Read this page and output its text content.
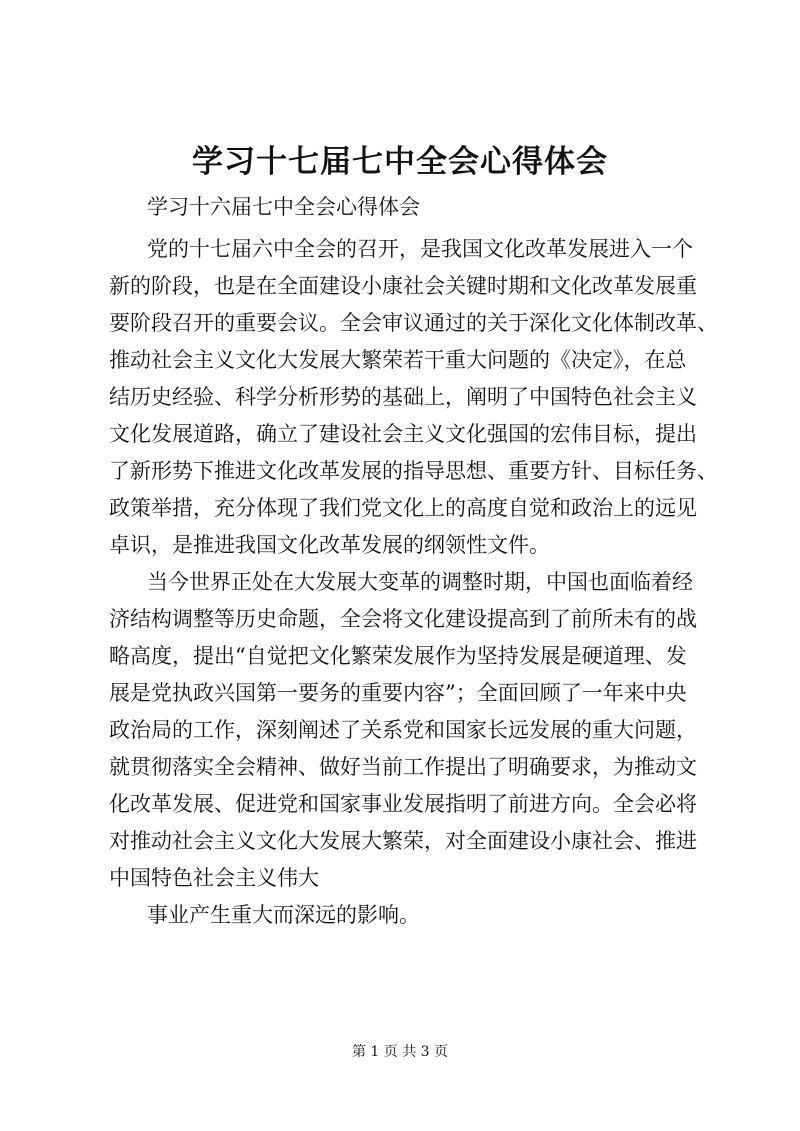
学习十七届七中全会心得体会

学习十六届七中全会心得体会

党的十七届六中全会的召开，是我国文化改革发展进入一个

新的阶段，也是在全面建设小康社会关键时期和文化改革发展重

要阶段召开的重要会议。全会审议通过的关于深化文化体制改革、

推动社会主义文化大发展大繁荣若干重大问题的《决定》，在总

结历史经验、科学分析形势的基础上，阐明了中国特色社会主义

文化发展道路，确立了建设社会主义文化强国的宏伟目标，提出

了新形势下推进文化改革发展的指导思想、重要方针、目标任务、

政策举措，充分体现了我们党文化上的高度自觉和政治上的远见

卓识，是推进我国文化改革发展的纲领性文件。

当今世界正处在大发展大变革的调整时期，中国也面临着经

济结构调整等历史命题，全会将文化建设提高到了前所未有的战

略高度，提出“自觉把文化繁荣发展作为坚持发展是硬道理、发

展是党执政兴国第一要务的重要内容”；全面回顾了一年来中央

政治局的工作，深刻阐述了关系党和国家长远发展的重大问题，

就贯彻落实全会精神、做好当前工作提出了明确要求，为推动文

化改革发展、促进党和国家事业发展指明了前进方向。全会必将

对推动社会主义文化大发展大繁荣，对全面建设小康社会、推进

中国特色社会主义伟大

事业产生重大而深远的影响。

第 1 页 共 3 页
